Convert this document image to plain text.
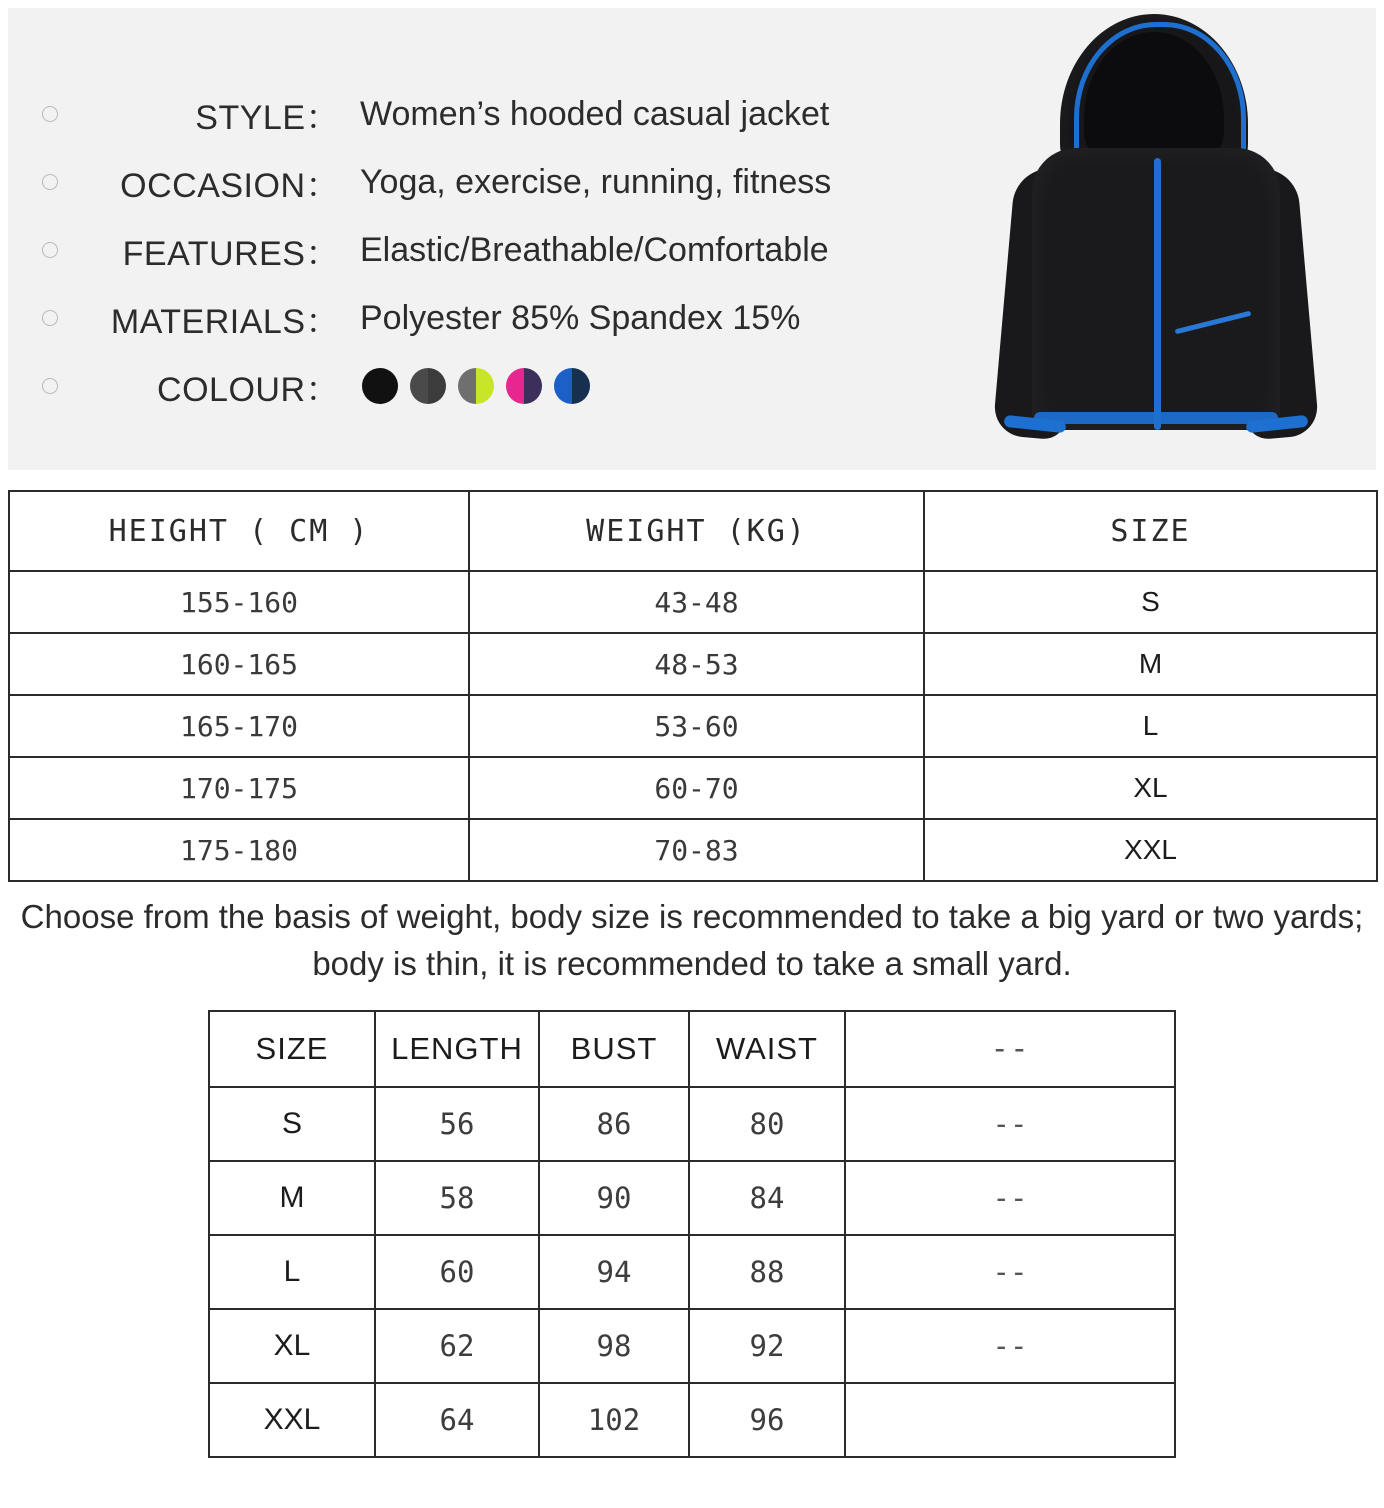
STYLE： Women’s hooded casual jacket
OCCASION： Yoga, exercise, running, fitness
FEATURES： Elastic/Breathable/Comfortable
MATERIALS： Polyester 85% Spandex 15%
COLOUR：
HEIGHT ( CM )	WEIGHT (KG)	SIZE
155-160	43-48	S
160-165	48-53	M
165-170	53-60	L
170-175	60-70	XL
175-180	70-83	XXL
Choose from the basis of weight, body size is recommended to take a big yard or two yards; body is thin, it is recommended to take a small yard.
SIZE	LENGTH	BUST	WAIST	--
S	56	86	80	--
M	58	90	84	--
L	60	94	88	--
XL	62	98	92	--
XXL	64	102	96	
